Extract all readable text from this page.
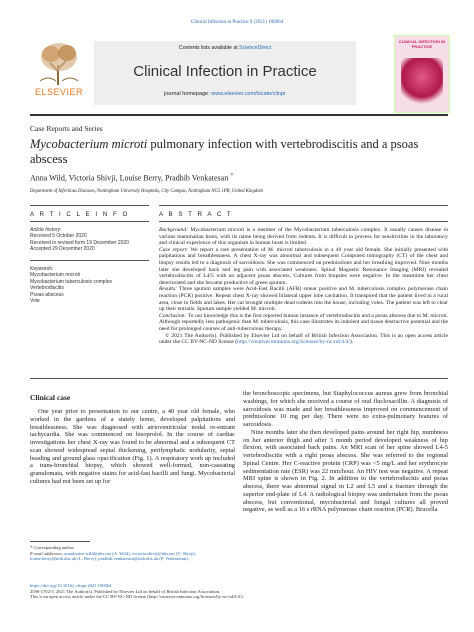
Clinical Infection in Practice 9 (2021) 100064
ELSEVIER
Contents lists available at ScienceDirect
Clinical Infection in Practice
journal homepage: www.elsevier.com/locate/clinpr
CLINICAL INFECTION IN PRACTICE
Case Reports and Series
Mycobacterium microti pulmonary infection with vertebrodiscitis and a psoas abscess
Anna Wild, Victoria Shivji, Louise Berry, Pradhib Venkatesan *
Department of Infectious Diseases, Nottingham University Hospitals, City Campus, Nottingham NG5 1PB, United Kingdom
A R T I C L E I N F O
Article history:
Received 5 October 2020
Received in revised form 19 December 2020
Accepted 29 December 2020
Keywords:
Mycobacterium microti
Mycobacterium tuberculosis complex
Vertebrodiscitis
Psoas abscess
Vole
A B S T R A C T

Background: Mycobacterium microti is a member of the Mycobacterium tuberculosis complex. It usually causes disease in various mammalian hosts, with its name being derived from rodents. It is difficult to process for sensitivities in the laboratory and clinical experience of this organism in human hosts is limited.

Case report: We report a rare presentation of M. microti tuberculosis in a 40 year old female. She initially presented with palpitations and breathlessness. A chest X-ray was abnormal and subsequent Computed tomography (CT) of the chest and biopsy results led to a diagnosis of sarcoidosis. She was commenced on prednisolone and her breathing improved. Nine months later she developed back and leg pain with associated weakness. Spinal Magnetic Resonance Imaging (MRI) revealed vertebrodiscitis of L4/5 with an adjacent psoas abscess. Cultures from biopsies were negative. In the meantime her chest deteriorated and she became productive of green sputum.

Results: Three sputum samples were Acid-Fast Bacilli (AFB) smear positive and M. tuberculosis complex polymerase chain reaction (PCR) positive. Repeat chest X-ray showed bilateral upper lobe cavitation. It transpired that the patient lived in a rural area, close to fields and lakes. Her cat brought multiple dead rodents into the house, including voles. The patient was left to clear up their entrails. Sputum sample yielded M. microti.

Conclusion: To our knowledge this is the first reported human instance of vertebrodiscitis and a psoas abscess due to M. microti. Although reportedly less pathogenic than M. tuberculosis, this case illustrates its indolent and tissue destructive potential and the need for prolonged courses of anti-tuberculous therapy.

© 2021 The Author(s). Published by Elsevier Ltd on behalf of British Infection Association. This is an open access article under the CC BY-NC-ND license (http://creativecommons.org/licenses/by-nc-nd/4.0/).

Clinical case

One year prior to presentation to our centre, a 40 year old female, who worked in the gardens of a stately home, developed palpitations and breathlessness. She was diagnosed with atrioventricular nodal re-entrant tachycardia. She was commenced on bisoprolol. In the course of cardiac investigations her chest X-ray was found to be abnormal and a subsequent CT scan showed widespread septal thickening, perilymphatic nodularity, septal beading and ground glass opacification (Fig. 1). A respiratory work up included a trans-bronchial biopsy, which showed well-formed, non-caseating granulomata, with negative stains for acid-fast bacilli and fungi. Mycobacterial cultures had not been set up for

the bronchoscopic specimens, but Staphylococcus aureus grew from bronchial washings, for which she received a course of oral flucloxacillin. A diagnosis of sarcoidosis was made and her breathlessness improved on commencement of prednisolone 10 mg per day. There were no extra-pulmonary features of sarcoidosis.

Nine months later she then developed pains around her right hip, numbness on her anterior thigh and after 3 month period developed weakness of hip flexion, with associated back pains. An MRI scan of her spine showed L4-5 vertebrodiscitis with a right psoas abscess. She was referred to the regional Spinal Centre. Her C-reactive protein (CRP) was <5 mg/L and her erythrocyte sedimentation rate (ESR) was 22 mm/hour. An HIV test was negative. A repeat MRI spine is shown in Fig. 2. In addition to the vertebrodiscitis and psoas abscess, there was abnormal signal in L2 and L5 and a fracture through the superior end-plate of L4. A radiological biopsy was undertaken from the psoas abscess, but conventional, mycobacterial and fungal cultures all proved negative, as well as a 16 s rRNA polymerase chain reaction (PCR). Brucella

* Corresponding author.
E-mail addresses: annalouise-wild@nhs.net (A. Wild), victoria.shivji@nhs.net (V. Shivji), louise.berry@nuh.nhs.uk (L. Berry), pradhib.venkatesan@nuh.nhs.uk (P. Venkatesan).
https://doi.org/10.1016/j.clinpr.2021.100064
2590-1702/© 2021 The Author(s). Published by Elsevier Ltd on behalf of British Infection Association.
This is an open access article under the CC BY-NC-ND license (http://creativecommons.org/licenses/by-nc-nd/4.0/).
